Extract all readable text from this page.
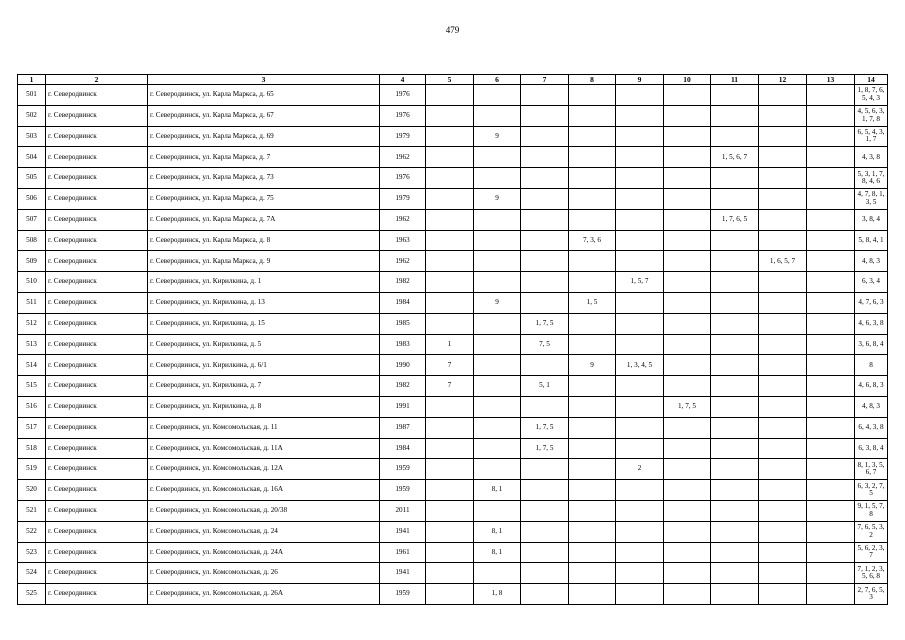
479
1	2	3	4	5	6	7	8	9	10	11	12	13	14
501	г. Северодвинск	г. Северодвинск, ул. Карла Маркса, д. 65	1976										1, 8, 7, 6, 5, 4, 3
502	г. Северодвинск	г. Северодвинск, ул. Карла Маркса, д. 67	1976										4, 5, 6, 3, 1, 7, 8
503	г. Северодвинск	г. Северодвинск, ул. Карла Маркса, д. 69	1979		9								6, 5, 4, 3, 1, 7
504	г. Северодвинск	г. Северодвинск, ул. Карла Маркса, д. 7	1962							1, 5, 6, 7			4, 3, 8
505	г. Северодвинск	г. Северодвинск, ул. Карла Маркса, д. 73	1976										5, 3, 1, 7, 8, 4, 6
506	г. Северодвинск	г. Северодвинск, ул. Карла Маркса, д. 75	1979		9								4, 7, 8, 1, 3, 5
507	г. Северодвинск	г. Северодвинск, ул. Карла Маркса, д. 7А	1962							1, 7, 6, 5			3, 8, 4
508	г. Северодвинск	г. Северодвинск, ул. Карла Маркса, д. 8	1963				7, 3, 6						5, 8, 4, 1
509	г. Северодвинск	г. Северодвинск, ул. Карла Маркса, д. 9	1962								1, 6, 5, 7		4, 8, 3
510	г. Северодвинск	г. Северодвинск, ул. Кирилкина, д. 1	1982					1, 5, 7					6, 3, 4
511	г. Северодвинск	г. Северодвинск, ул. Кирилкина, д. 13	1984		9		1, 5						4, 7, 6, 3
512	г. Северодвинск	г. Северодвинск, ул. Кирилкина, д. 15	1985			1, 7, 5							4, 6, 3, 8
513	г. Северодвинск	г. Северодвинск, ул. Кирилкина, д. 5	1983	1		7, 5							3, 6, 8, 4
514	г. Северодвинск	г. Северодвинск, ул. Кирилкина, д. 6/1	1990	7			9	1, 3, 4, 5					8
515	г. Северодвинск	г. Северодвинск, ул. Кирилкина, д. 7	1982	7		5, 1							4, 6, 8, 3
516	г. Северодвинск	г. Северодвинск, ул. Кирилкина, д. 8	1991						1, 7, 5				4, 8, 3
517	г. Северодвинск	г. Северодвинск, ул. Комсомольская, д. 11	1987			1, 7, 5							6, 4, 3, 8
518	г. Северодвинск	г. Северодвинск, ул. Комсомольская, д. 11А	1984			1, 7, 5							6, 3, 8, 4
519	г. Северодвинск	г. Северодвинск, ул. Комсомольская, д. 12А	1959					2					8, 1, 3, 5, 6, 7
520	г. Северодвинск	г. Северодвинск, ул. Комсомольская, д. 16А	1959		8, 1								6, 3, 2, 7, 5
521	г. Северодвинск	г. Северодвинск, ул. Комсомольская, д. 20/38	2011										9, 1, 5, 7, 8
522	г. Северодвинск	г. Северодвинск, ул. Комсомольская, д. 24	1941		8, 1								7, 6, 5, 3, 2
523	г. Северодвинск	г. Северодвинск, ул. Комсомольская, д. 24А	1961		8, 1								5, 6, 2, 3, 7
524	г. Северодвинск	г. Северодвинск, ул. Комсомольская, д. 26	1941										7, 1, 2, 3, 5, 6, 8
525	г. Северодвинск	г. Северодвинск, ул. Комсомольская, д. 26А	1959		1, 8								2, 7, 6, 5, 3
